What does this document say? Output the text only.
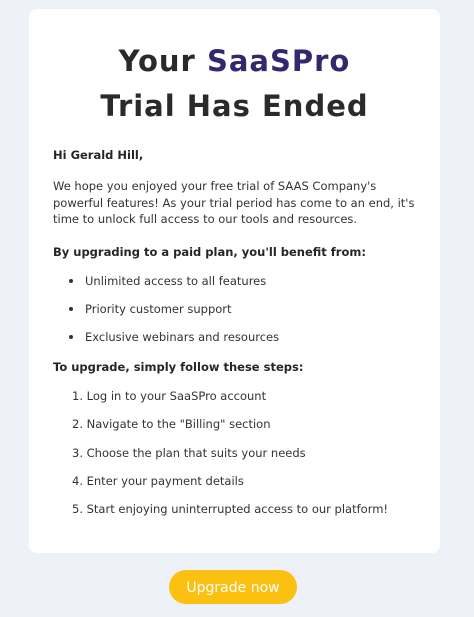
Your SaaSPro
Trial Has Ended
Hi Gerald Hill,
We hope you enjoyed your free trial of SAAS Company's powerful features! As your trial period has come to an end, it's time to unlock full access to our tools and resources.
By upgrading to a paid plan, you'll benefit from:
Unlimited access to all features
Priority customer support
Exclusive webinars and resources
To upgrade, simply follow these steps:
1. Log in to your SaaSPro account
2. Navigate to the "Billing" section
3. Choose the plan that suits your needs
4. Enter your payment details
5. Start enjoying uninterrupted access to our platform!
Upgrade now
